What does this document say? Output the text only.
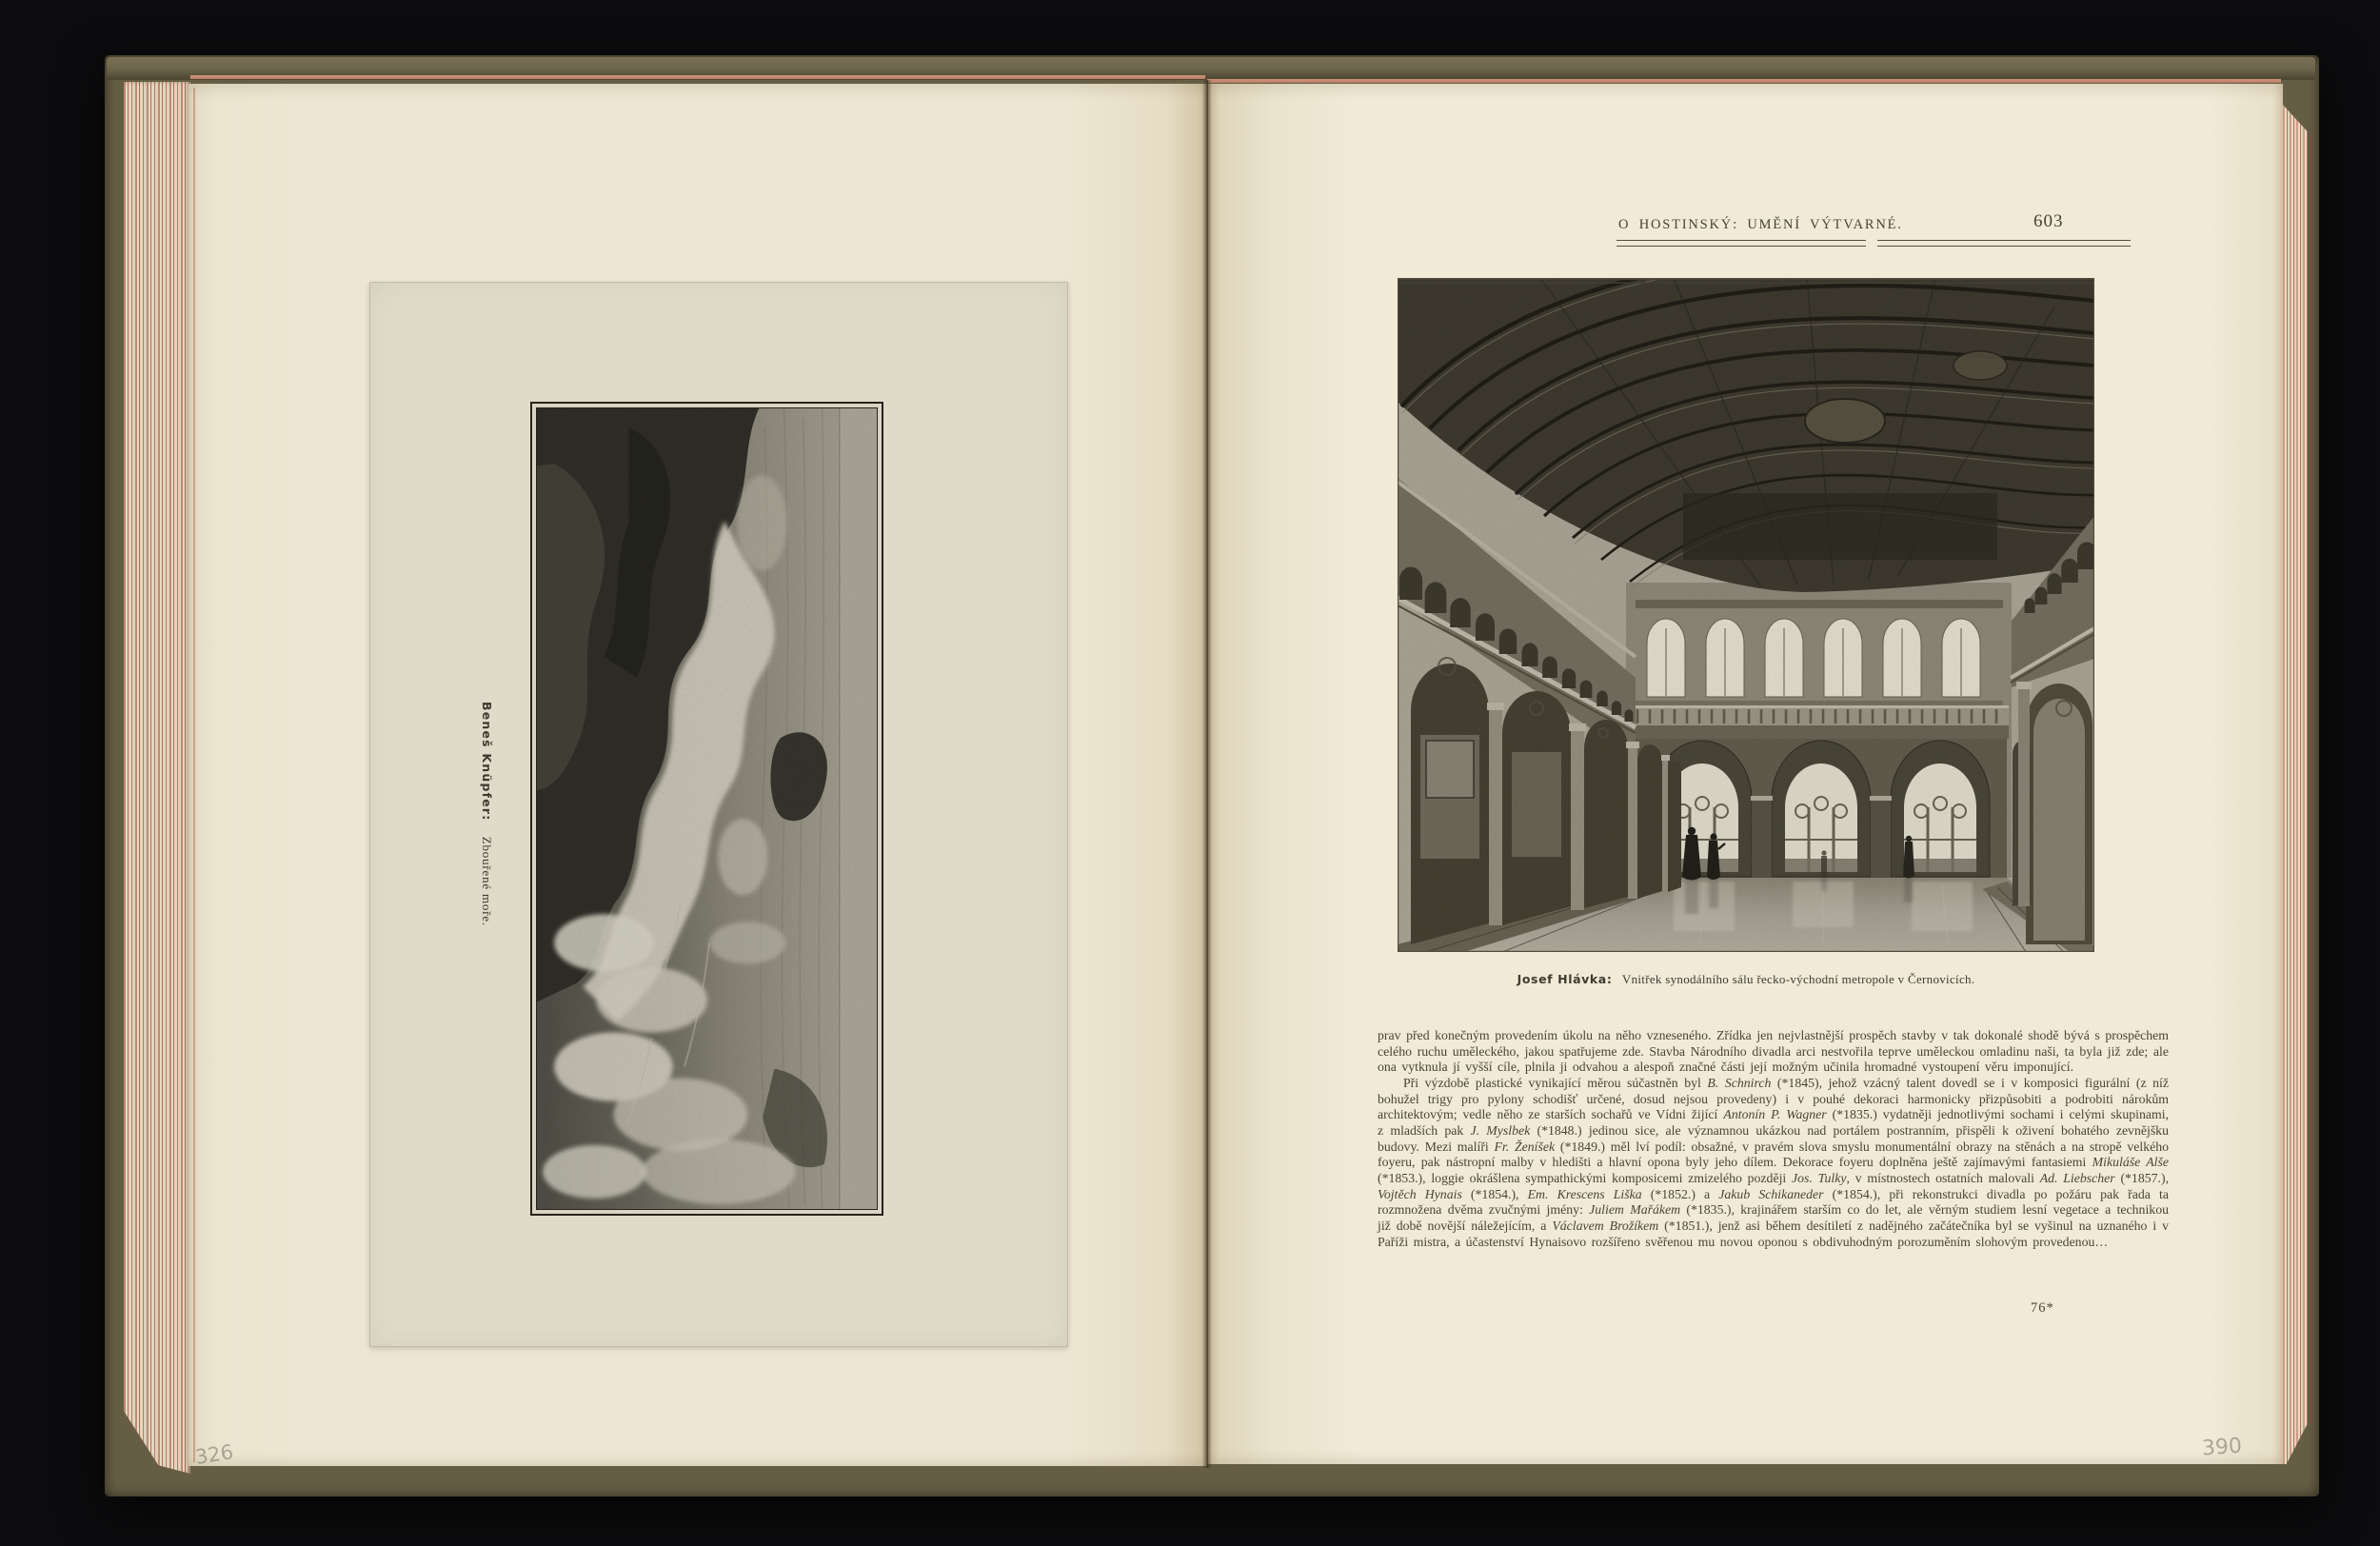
Beneš Knüpfer:    Zbouřené moře.
326
O HOSTINSKÝ: UMĚNÍ VÝTVARNÉ.	603
Josef Hlávka: Vnitřek synodálního sálu řecko-východní metropole v Černovicích.

prav před konečným provedením úkolu na něho vzneseného. Zřídka jen nejvlastnější prospěch stavby v tak dokonalé shodě bývá s prospěchem celého ruchu uměleckého, jakou spatřujeme zde. Stavba Národního divadla arci nestvořila teprve uměleckou omladinu naši, ta byla již zde; ale ona vytknula jí vyšší cíle, plnila ji odvahou a alespoň značné části její možným učinila hromadné vystoupení věru imponující.

Při výzdobě plastické vynikající měrou súčastněn byl B. Schnirch (*1845), jehož vzácný talent dovedl se i v komposici figurální (z níž bohužel trigy pro pylony schodišť určené, dosud nejsou provedeny) i v pouhé dekoraci harmonicky přizpůsobiti a podrobiti nárokům architektovým; vedle něho ze starších sochařů ve Vídni žijící Antonín P. Wagner (*1835.) vydatněji jednotlivými sochami i celými skupinami, z mladších pak J. Myslbek (*1848.) jedinou sice, ale významnou ukázkou nad portálem postranním, přispěli k oživení bohatého zevnějšku budovy. Mezi malíři Fr. Ženíšek (*1849.) měl lví podíl: obsažné, v pravém slova smyslu monumentální obrazy na stěnách a na stropě velkého foyeru, pak nástropní malby v hledišti a hlavní opona byly jeho dílem. Dekorace foyeru doplněna ještě zajímavými fantasiemi Mikuláše Alše (*1853.), loggie okrášlena sympathickými komposicemi zmizelého později Jos. Tulky, v místnostech ostatních malovali Ad. Liebscher (*1857.), Vojtěch Hynais (*1854.), Em. Krescens Liška (*1852.) a Jakub Schikaneder (*1854.), při rekonstrukci divadla po požáru pak řada ta rozmnožena dvěma zvučnými jmény: Juliem Mařákem (*1835.), krajinářem starším co do let, ale věrným studiem lesní vegetace a technikou již době novější náležejícím, a Václavem Brožíkem (*1851.), jenž asi během desítiletí z nadějného začátečníka byl se vyšinul na uznaného i v Paříži mistra, a účastenství Hynaisovo rozšířeno svěřenou mu novou oponou s obdivuhodným porozuměním slohovým provedenou…

76*
390
